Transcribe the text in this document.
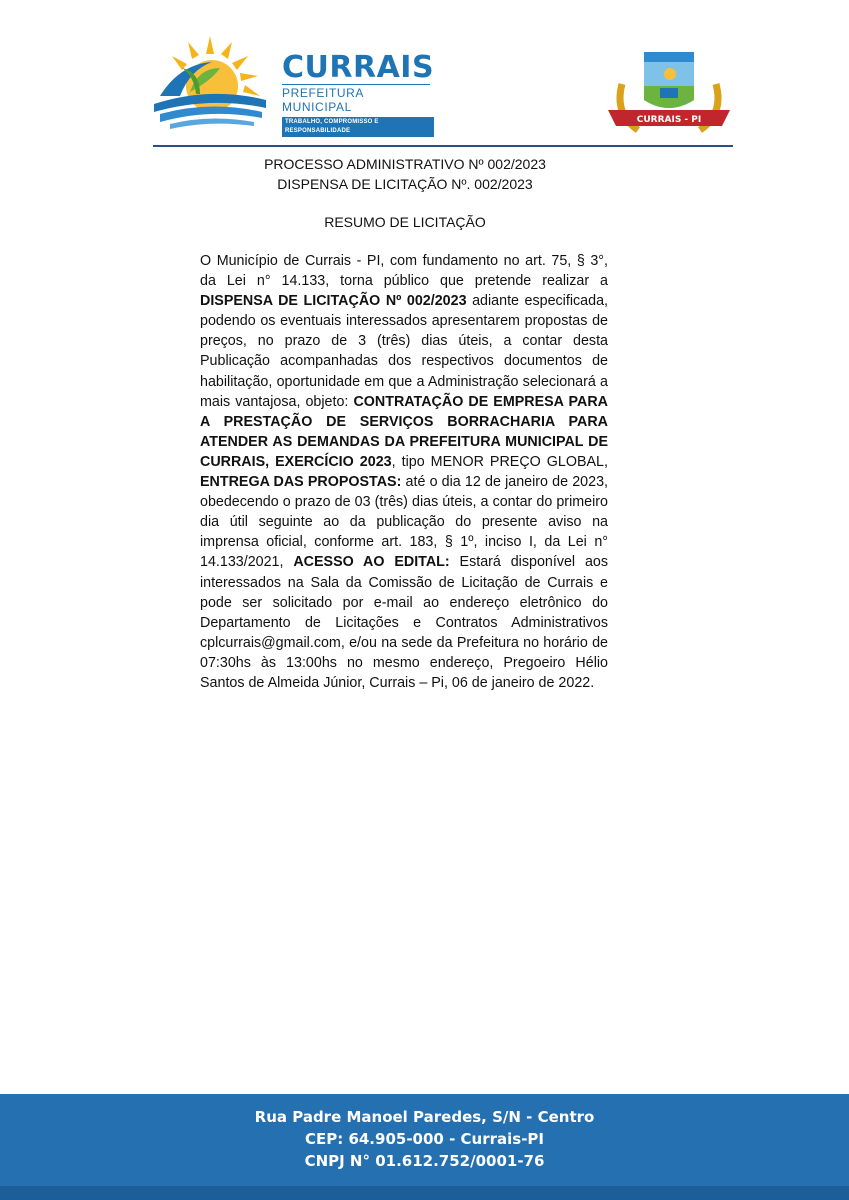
CURRAIS
PREFEITURA MUNICIPAL
TRABALHO, COMPROMISSO E RESPONSABILIDADE
CURRAIS - PI
PROCESSO ADMINISTRATIVO Nº 002/2023
DISPENSA DE LICITAÇÃO Nº. 002/2023
RESUMO DE LICITAÇÃO
O Município de Currais - PI, com fundamento no art. 75, § 3°, da Lei n° 14.133, torna público que pretende realizar a DISPENSA DE LICITAÇÃO Nº 002/2023 adiante especificada, podendo os eventuais interessados apresentarem propostas de preços, no prazo de 3 (três) dias úteis, a contar desta Publicação acompanhadas dos respectivos documentos de habilitação, oportunidade em que a Administração selecionará a mais vantajosa, objeto: CONTRATAÇÃO DE EMPRESA PARA A PRESTAÇÃO DE SERVIÇOS BORRACHARIA PARA ATENDER AS DEMANDAS DA PREFEITURA MUNICIPAL DE CURRAIS, EXERCÍCIO 2023, tipo MENOR PREÇO GLOBAL, ENTREGA DAS PROPOSTAS: até o dia 12 de janeiro de 2023, obedecendo o prazo de 03 (três) dias úteis, a contar do primeiro dia útil seguinte ao da publicação do presente aviso na imprensa oficial, conforme art. 183, § 1º, inciso I, da Lei n° 14.133/2021, ACESSO AO EDITAL: Estará disponível aos interessados na Sala da Comissão de Licitação de Currais e pode ser solicitado por e-mail ao endereço eletrônico do Departamento de Licitações e Contratos Administrativos cplcurrais@gmail.com, e/ou na sede da Prefeitura no horário de 07:30hs às 13:00hs no mesmo endereço, Pregoeiro Hélio Santos de Almeida Júnior, Currais – Pi, 06 de janeiro de 2022.
Rua Padre Manoel Paredes, S/N - Centro
CEP: 64.905-000 - Currais-PI
CNPJ N° 01.612.752/0001-76
